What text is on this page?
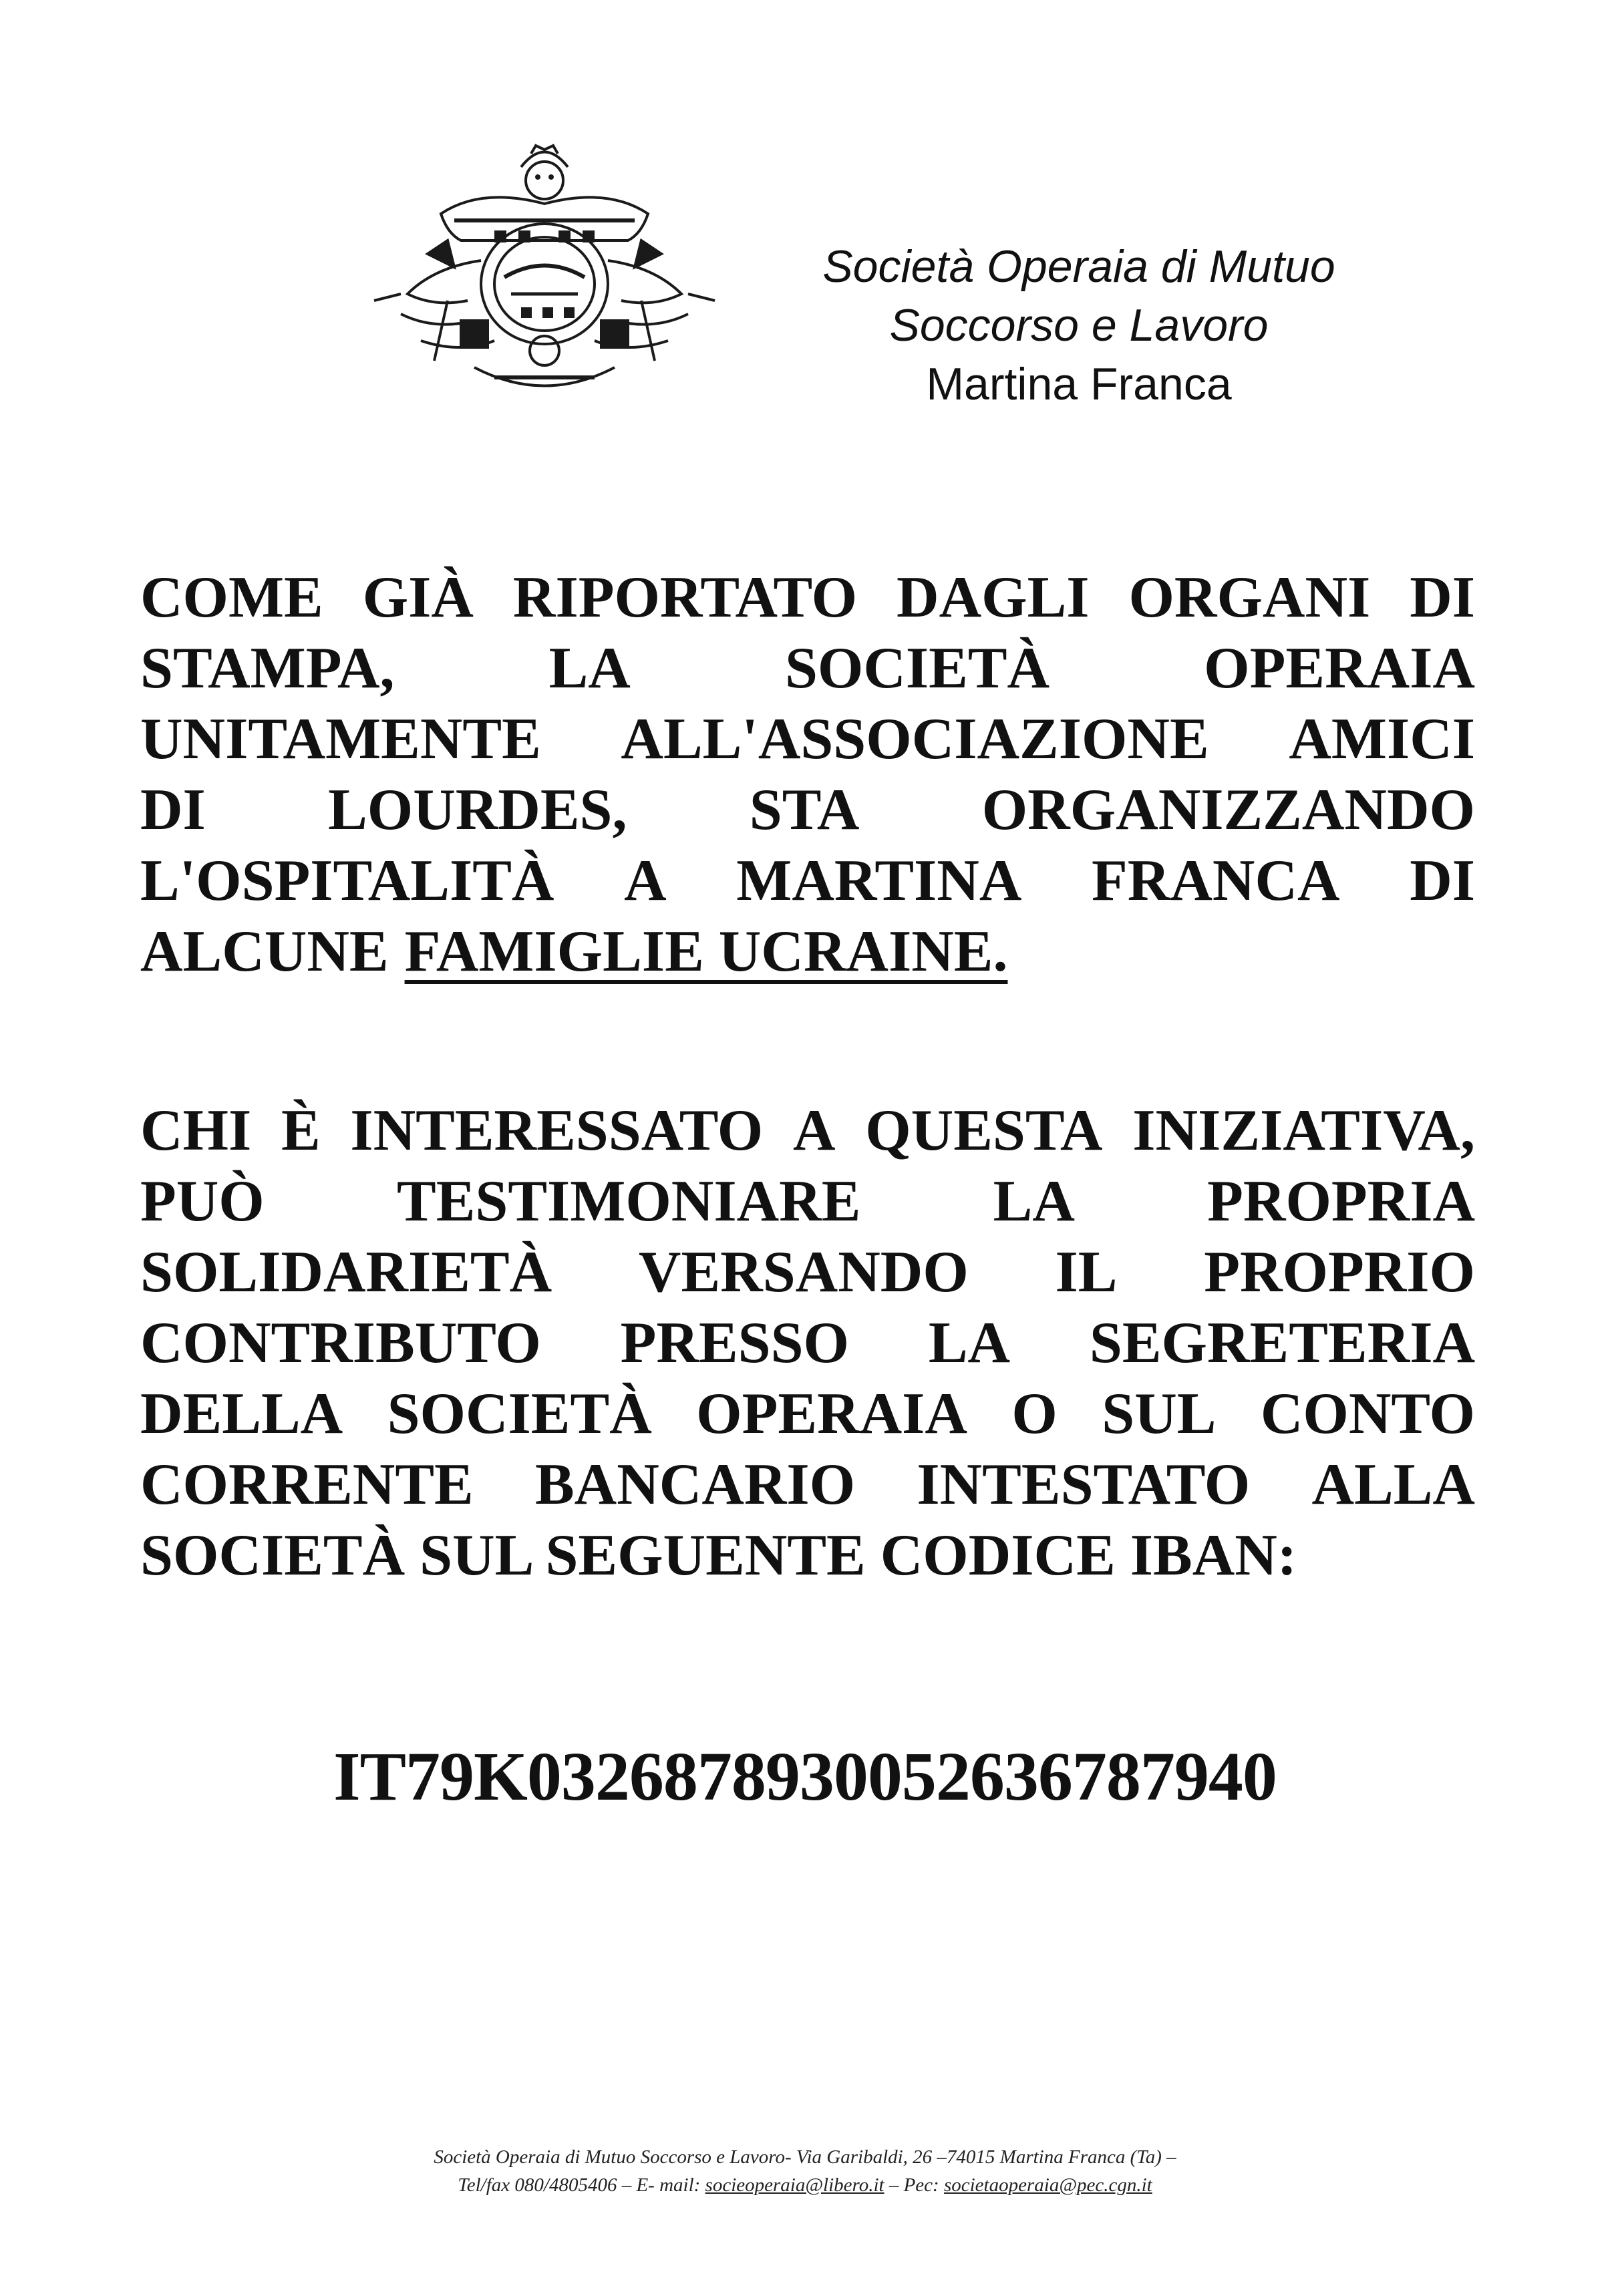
Società Operaia di Mutuo
Soccorso e Lavoro
Martina Franca
COME GIÀ RIPORTATO DAGLI ORGANI DI
STAMPA,	LA	SOCIETÀ	OPERAIA
UNITAMENTE ALL'ASSOCIAZIONE AMICI
DI LOURDES, STA ORGANIZZANDO
L'OSPITALITÀ A MARTINA FRANCA DI
ALCUNE FAMIGLIE UCRAINE.
CHI È INTERESSATO A QUESTA INIZIATIVA,
PUÒ TESTIMONIARE LA PROPRIA
SOLIDARIETÀ VERSANDO IL PROPRIO
CONTRIBUTO PRESSO LA SEGRETERIA
DELLA SOCIETÀ OPERAIA O SUL CONTO
CORRENTE BANCARIO INTESTATO ALLA
SOCIETÀ SUL SEGUENTE CODICE IBAN:
IT79K0326878930052636787940
Società Operaia di Mutuo Soccorso e Lavoro- Via Garibaldi, 26 –74015 Martina Franca (Ta) –
Tel/fax 080/4805406 – E- mail: socieoperaia@libero.it – Pec: societaoperaia@pec.cgn.it
